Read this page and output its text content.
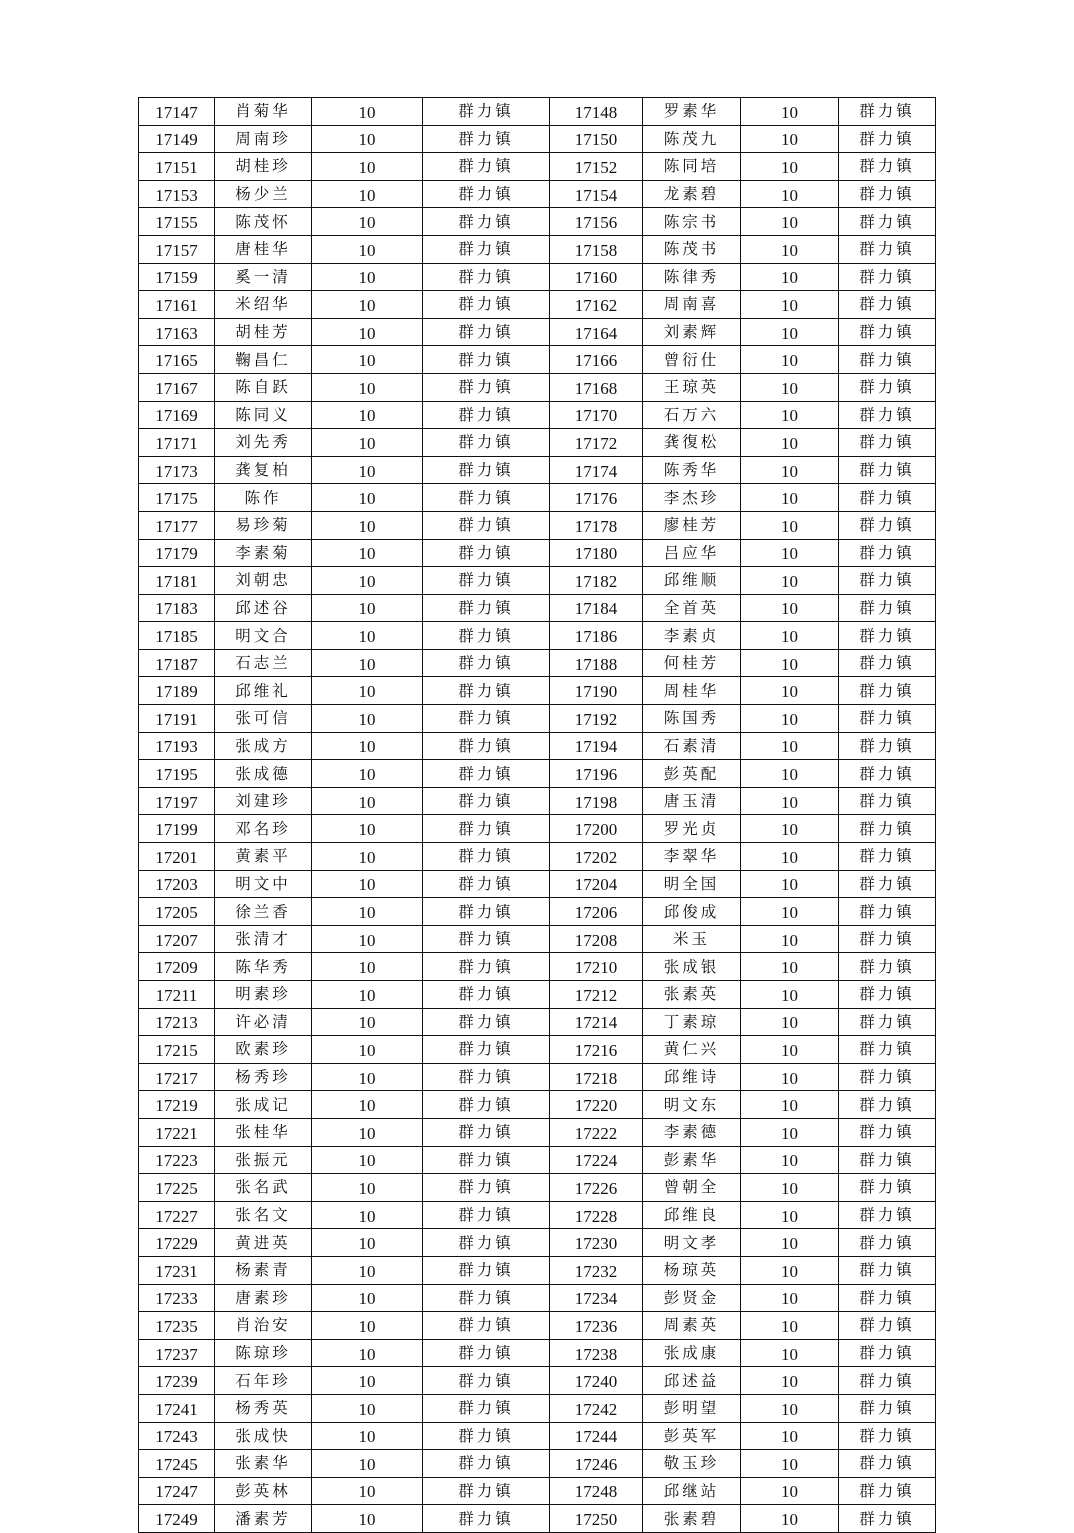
17147	肖菊华	10	群力镇	17148	罗素华	10	群力镇
17149	周南珍	10	群力镇	17150	陈茂九	10	群力镇
17151	胡桂珍	10	群力镇	17152	陈同培	10	群力镇
17153	杨少兰	10	群力镇	17154	龙素碧	10	群力镇
17155	陈茂怀	10	群力镇	17156	陈宗书	10	群力镇
17157	唐桂华	10	群力镇	17158	陈茂书	10	群力镇
17159	奚一清	10	群力镇	17160	陈律秀	10	群力镇
17161	米绍华	10	群力镇	17162	周南喜	10	群力镇
17163	胡桂芳	10	群力镇	17164	刘素辉	10	群力镇
17165	鞠昌仁	10	群力镇	17166	曾衍仕	10	群力镇
17167	陈自跃	10	群力镇	17168	王琼英	10	群力镇
17169	陈同义	10	群力镇	17170	石万六	10	群力镇
17171	刘先秀	10	群力镇	17172	龚復松	10	群力镇
17173	龚复柏	10	群力镇	17174	陈秀华	10	群力镇
17175	陈作	10	群力镇	17176	李杰珍	10	群力镇
17177	易珍菊	10	群力镇	17178	廖桂芳	10	群力镇
17179	李素菊	10	群力镇	17180	吕应华	10	群力镇
17181	刘朝忠	10	群力镇	17182	邱维顺	10	群力镇
17183	邱述谷	10	群力镇	17184	全首英	10	群力镇
17185	明文合	10	群力镇	17186	李素贞	10	群力镇
17187	石志兰	10	群力镇	17188	何桂芳	10	群力镇
17189	邱维礼	10	群力镇	17190	周桂华	10	群力镇
17191	张可信	10	群力镇	17192	陈国秀	10	群力镇
17193	张成方	10	群力镇	17194	石素清	10	群力镇
17195	张成德	10	群力镇	17196	彭英配	10	群力镇
17197	刘建珍	10	群力镇	17198	唐玉清	10	群力镇
17199	邓名珍	10	群力镇	17200	罗光贞	10	群力镇
17201	黄素平	10	群力镇	17202	李翠华	10	群力镇
17203	明文中	10	群力镇	17204	明全国	10	群力镇
17205	徐兰香	10	群力镇	17206	邱俊成	10	群力镇
17207	张清才	10	群力镇	17208	米玉	10	群力镇
17209	陈华秀	10	群力镇	17210	张成银	10	群力镇
17211	明素珍	10	群力镇	17212	张素英	10	群力镇
17213	许必清	10	群力镇	17214	丁素琼	10	群力镇
17215	欧素珍	10	群力镇	17216	黄仁兴	10	群力镇
17217	杨秀珍	10	群力镇	17218	邱维诗	10	群力镇
17219	张成记	10	群力镇	17220	明文东	10	群力镇
17221	张桂华	10	群力镇	17222	李素德	10	群力镇
17223	张振元	10	群力镇	17224	彭素华	10	群力镇
17225	张名武	10	群力镇	17226	曾朝全	10	群力镇
17227	张名文	10	群力镇	17228	邱维良	10	群力镇
17229	黄进英	10	群力镇	17230	明文孝	10	群力镇
17231	杨素青	10	群力镇	17232	杨琼英	10	群力镇
17233	唐素珍	10	群力镇	17234	彭贤金	10	群力镇
17235	肖治安	10	群力镇	17236	周素英	10	群力镇
17237	陈琼珍	10	群力镇	17238	张成康	10	群力镇
17239	石年珍	10	群力镇	17240	邱述益	10	群力镇
17241	杨秀英	10	群力镇	17242	彭明望	10	群力镇
17243	张成快	10	群力镇	17244	彭英军	10	群力镇
17245	张素华	10	群力镇	17246	敬玉珍	10	群力镇
17247	彭英林	10	群力镇	17248	邱继站	10	群力镇
17249	潘素芳	10	群力镇	17250	张素碧	10	群力镇
